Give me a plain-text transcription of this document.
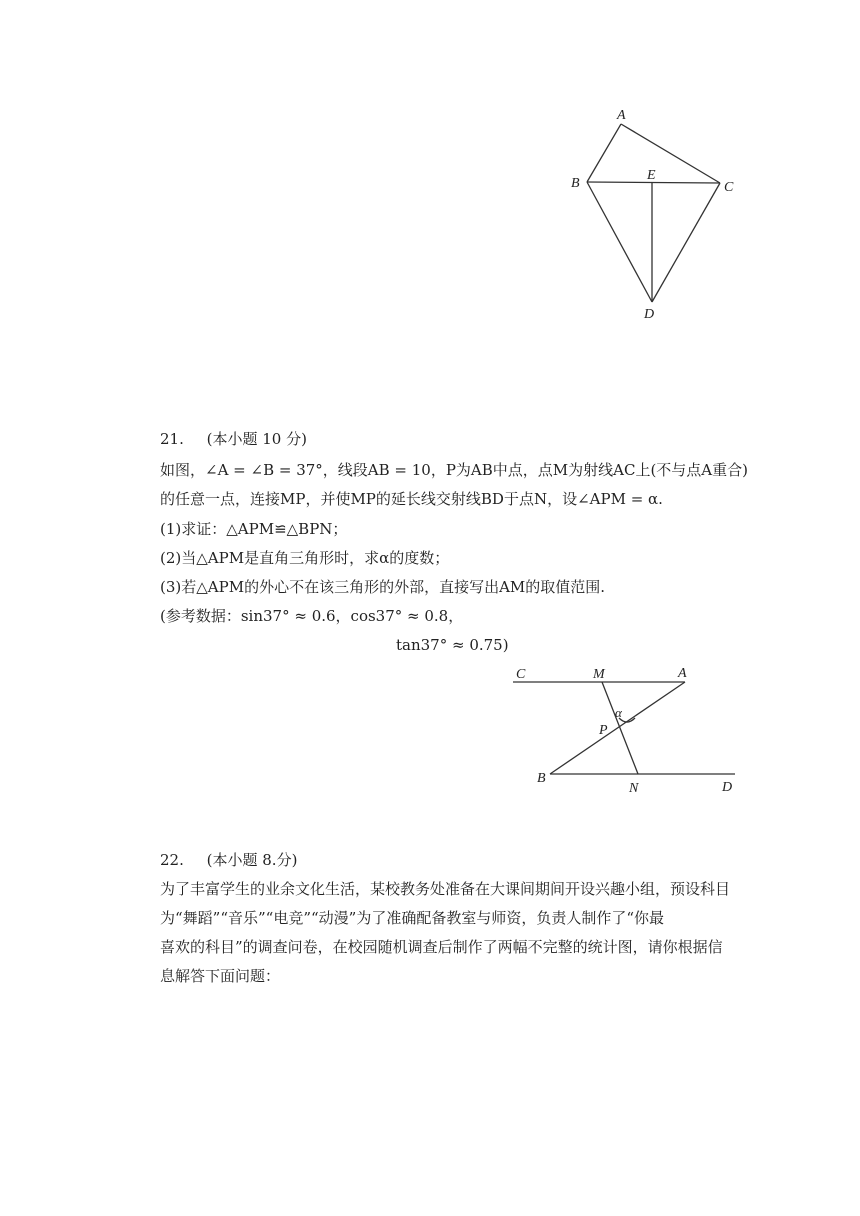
A
B
E
C
D
21. (本小题 10 分)
如图，∠A = ∠B = 37°，线段AB = 10，P为AB中点，点M为射线AC上(不与点A重合)
的任意一点，连接MP，并使MP的延长线交射线BD于点N，设∠APM = α.
(1)求证：△APM≌△BPN；
(2)当△APM是直角三角形时，求α的度数；
(3)若△APM的外心不在该三角形的外部，直接写出AM的取值范围.
(参考数据：sin37° ≈ 0.6，cos37° ≈ 0.8，
tan37° ≈ 0.75)
C	M	A
α
P
B
N	D
22. (本小题 8.分)
为了丰富学生的业余文化生活，某校教务处准备在大课间期间开设兴趣小组，预设科目
为“舞蹈”“音乐”“电竞”“动漫”为了准确配备教室与师资，负责人制作了“你最
喜欢的科目”的调查问卷，在校园随机调查后制作了两幅不完整的统计图，请你根据信
息解答下面问题：
